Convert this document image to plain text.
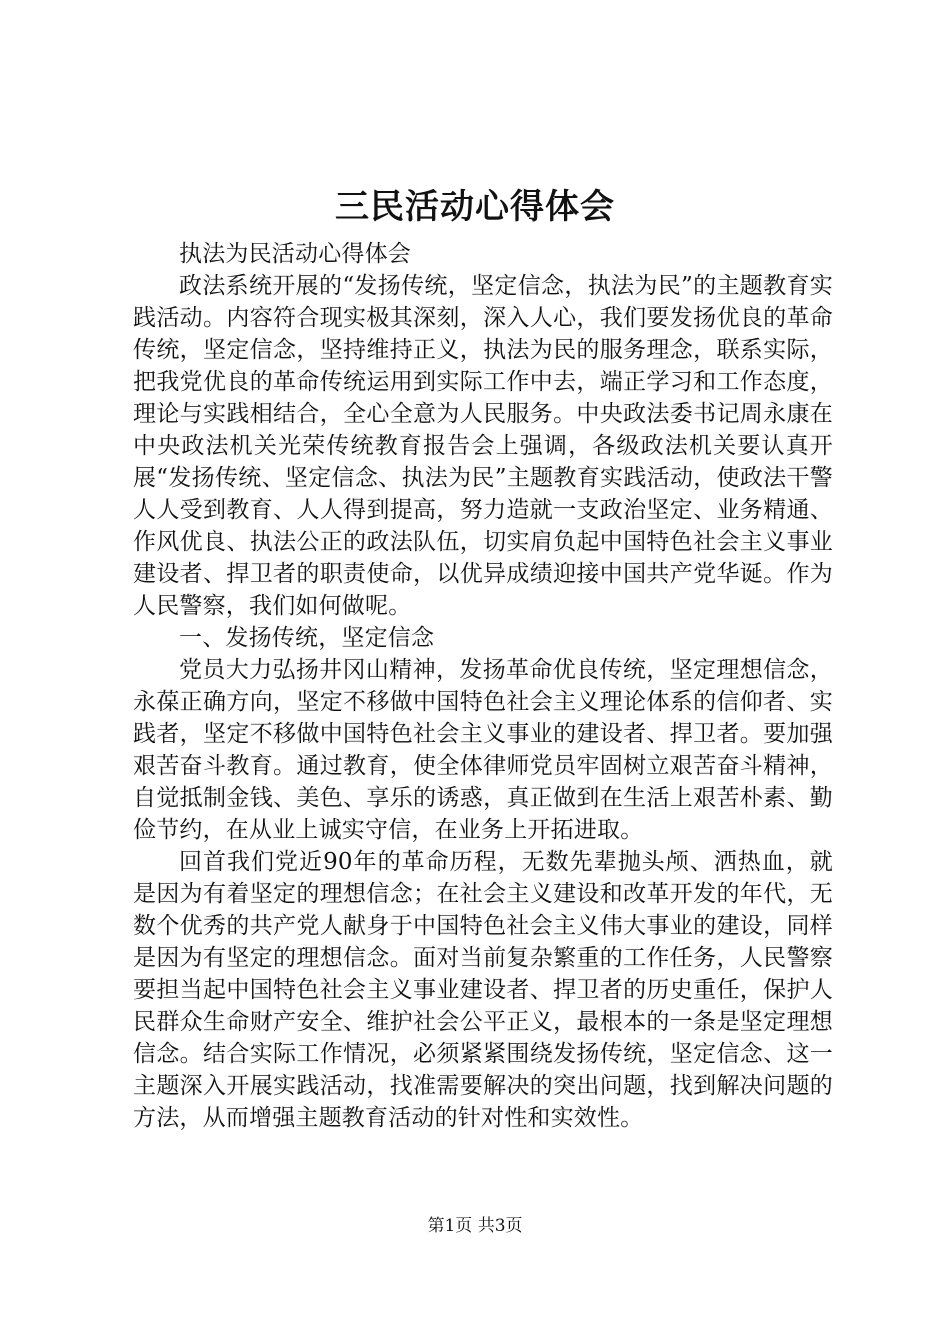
三民活动心得体会

执法为民活动心得体会

政法系统开展的“发扬传统，坚定信念，执法为民”的主题教育实践活动。内容符合现实极其深刻，深入人心，我们要发扬优良的革命传统，坚定信念，坚持维持正义，执法为民的服务理念，联系实际，把我党优良的革命传统运用到实际工作中去，端正学习和工作态度，理论与实践相结合，全心全意为人民服务。中央政法委书记周永康在中央政法机关光荣传统教育报告会上强调，各级政法机关要认真开展“发扬传统、坚定信念、执法为民”主题教育实践活动，使政法干警人人受到教育、人人得到提高，努力造就一支政治坚定、业务精通、作风优良、执法公正的政法队伍，切实肩负起中国特色社会主义事业建设者、捍卫者的职责使命，以优异成绩迎接中国共产党华诞。作为人民警察，我们如何做呢。

一、发扬传统，坚定信念

党员大力弘扬井冈山精神，发扬革命优良传统，坚定理想信念，永葆正确方向，坚定不移做中国特色社会主义理论体系的信仰者、实践者，坚定不移做中国特色社会主义事业的建设者、捍卫者。要加强艰苦奋斗教育。通过教育，使全体律师党员牢固树立艰苦奋斗精神，自觉抵制金钱、美色、享乐的诱惑，真正做到在生活上艰苦朴素、勤俭节约，在从业上诚实守信，在业务上开拓进取。

回首我们党近90年的革命历程，无数先辈抛头颅、洒热血，就是因为有着坚定的理想信念；在社会主义建设和改革开发的年代，无数个优秀的共产党人献身于中国特色社会主义伟大事业的建设，同样是因为有坚定的理想信念。面对当前复杂繁重的工作任务，人民警察要担当起中国特色社会主义事业建设者、捍卫者的历史重任，保护人民群众生命财产安全、维护社会公平正义，最根本的一条是坚定理想信念。结合实际工作情况，必须紧紧围绕发扬传统，坚定信念、这一主题深入开展实践活动，找准需要解决的突出问题，找到解决问题的方法，从而增强主题教育活动的针对性和实效性。

第1页 共3页
